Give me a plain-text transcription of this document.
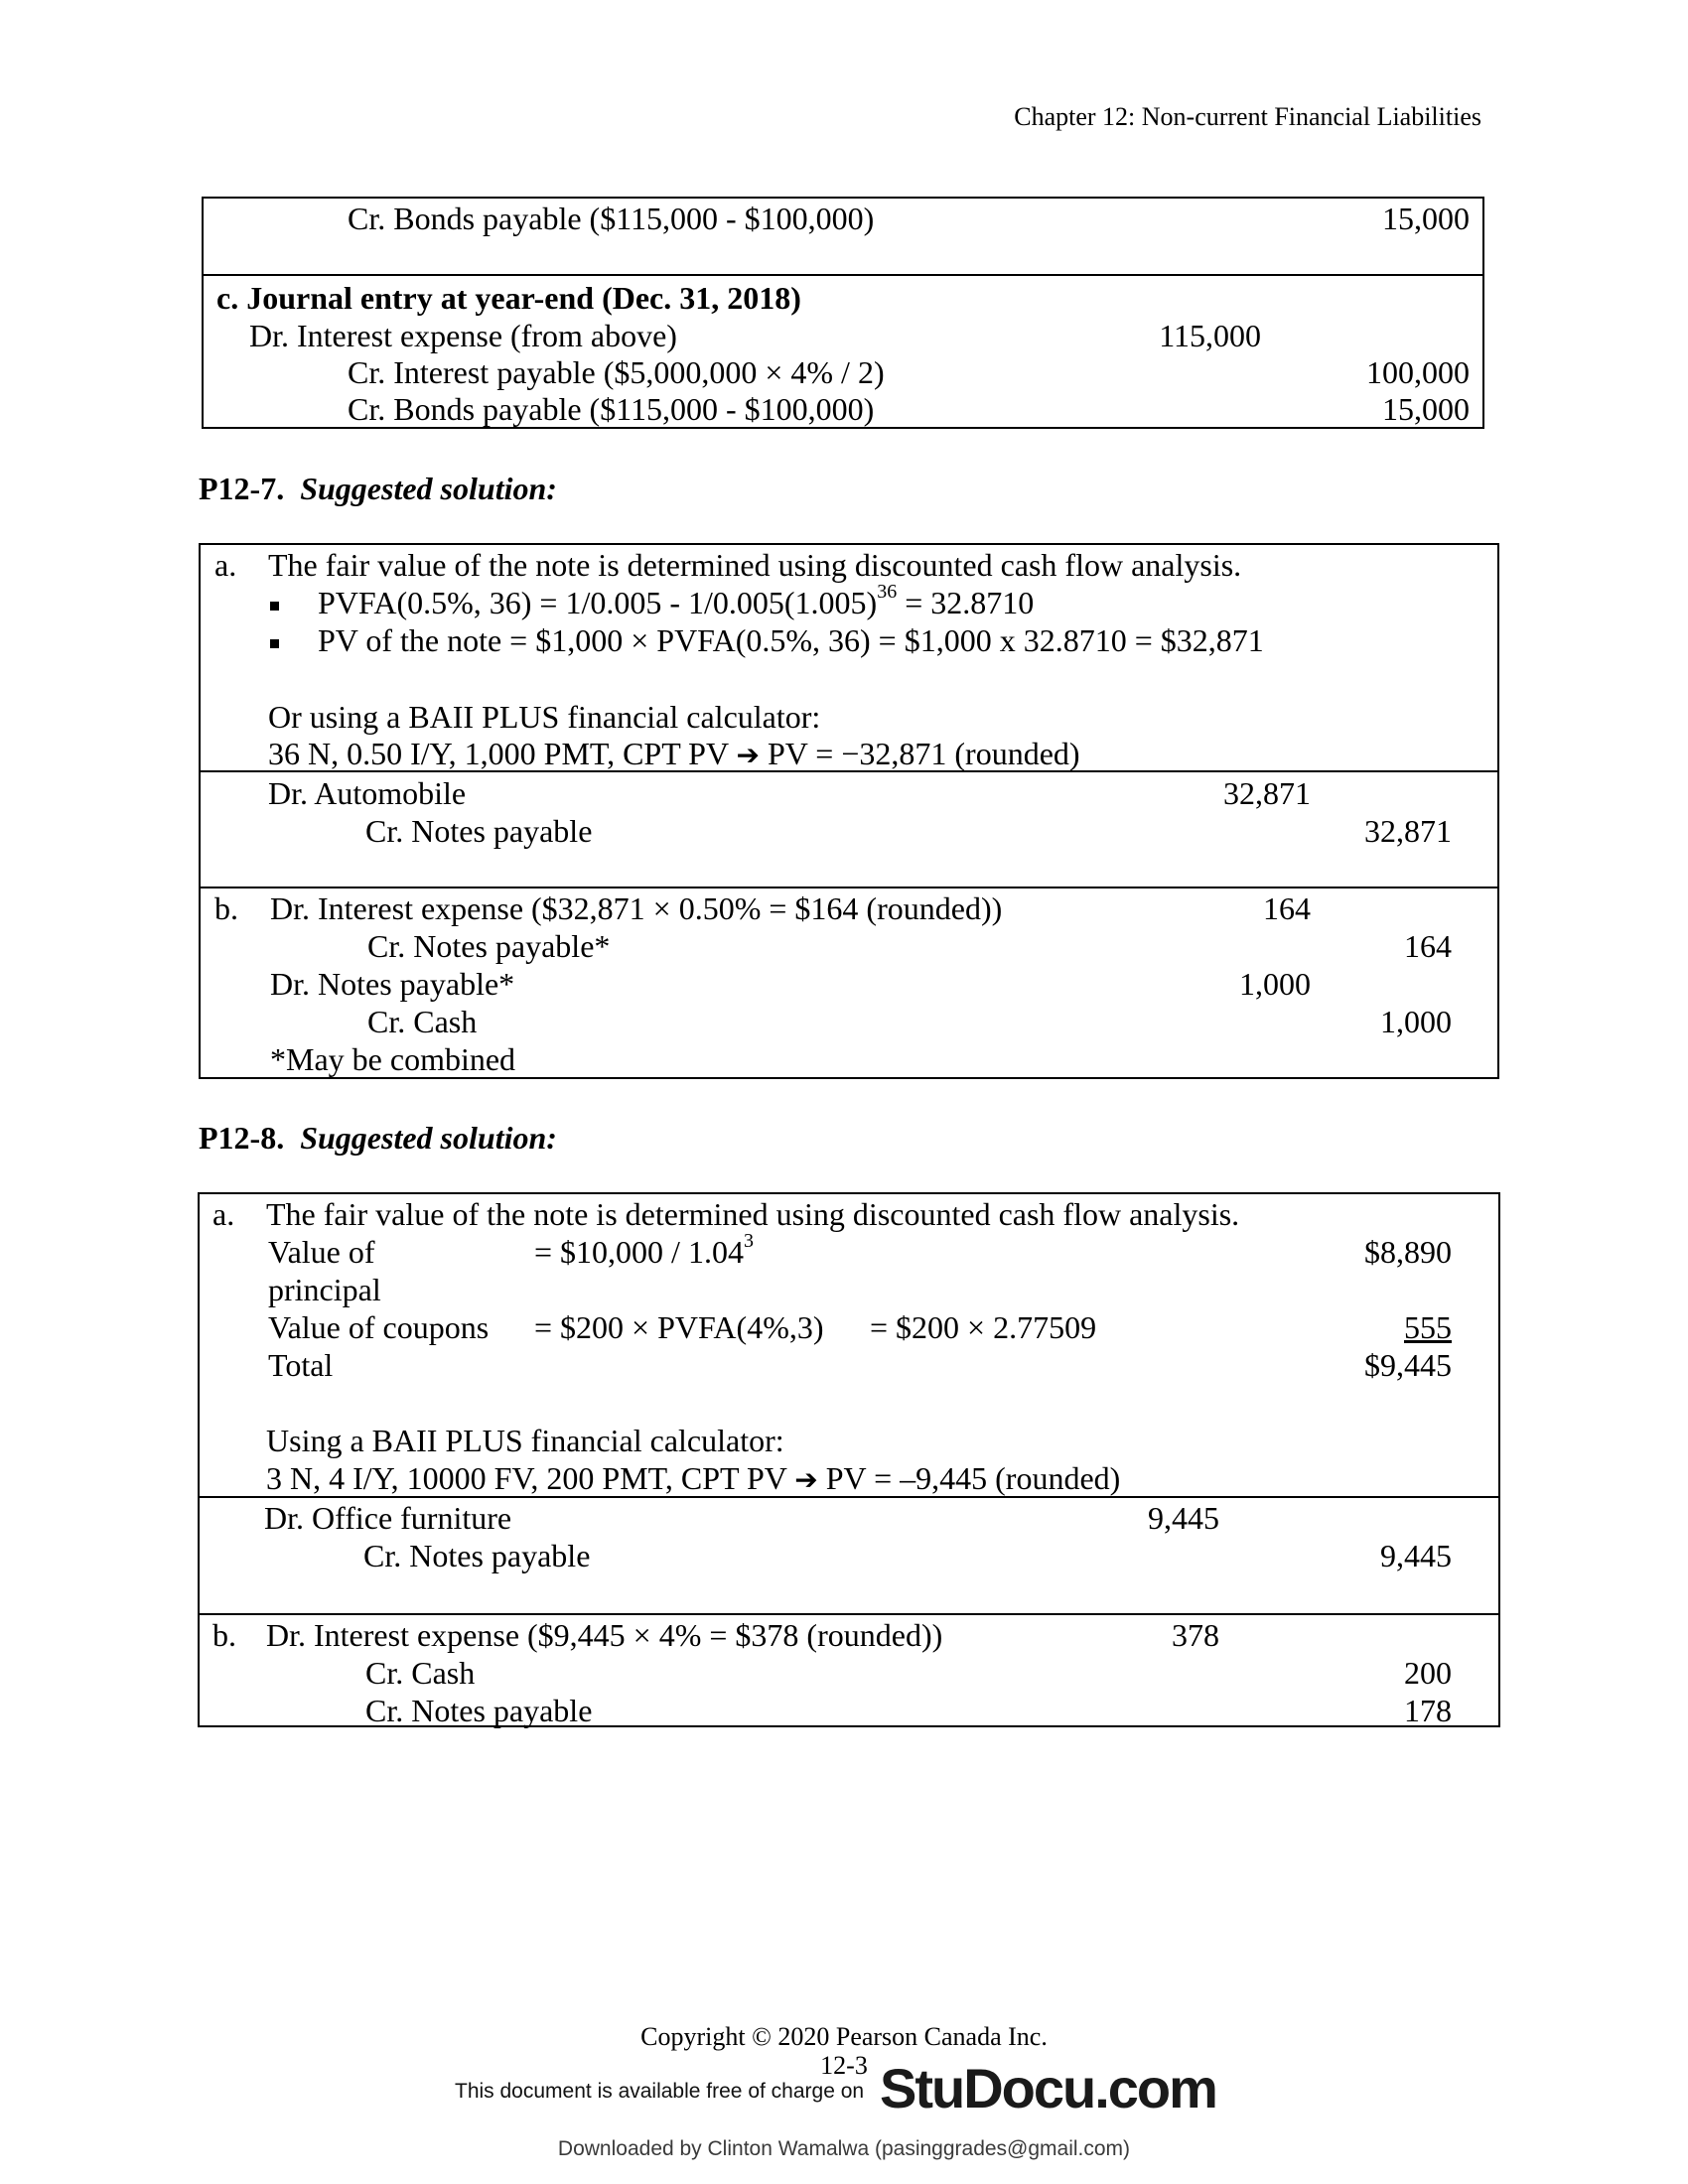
Chapter 12: Non-current Financial Liabilities
Cr. Bonds payable ($115,000 - $100,000)	15,000
c. Journal entry at year-end (Dec. 31, 2018)
Dr. Interest expense (from above)	115,000
Cr. Interest payable ($5,000,000 × 4% / 2)	100,000
Cr. Bonds payable ($115,000 - $100,000)	15,000
P12-7. Suggested solution:
a. The fair value of the note is determined using discounted cash flow analysis.
PVFA(0.5%, $36) = 1/0.005 - 1/0.005(1.005)^{36} = 32.8710$
PV of the note = $1,000 × PVFA(0.5%, 36) = $1,000 x 32.8710 = $32,871
Or using a BAII PLUS financial calculator:
36 N, 0.50 I/Y, 1,000 PMT, CPT PV ➔ PV = −32,871 (rounded)
Dr. Automobile	32,871
Cr. Notes payable	32,871
b. Dr. Interest expense ($32,871 × 0.50% = $164 (rounded))	164
Cr. Notes payable*	164
Dr. Notes payable*	1,000
Cr. Cash	1,000
*May be combined
P12-8. Suggested solution:
a. The fair value of the note is determined using discounted cash flow analysis.
Value of
principal
= $10,000 / 1.04$^3$	$8,890
Value of coupons = $200 × PVFA(4%,3) = $200 × 2.77509	555
Total	$9,445
Using a BAII PLUS financial calculator:
3 N, 4 I/Y, 10000 FV, 200 PMT, CPT PV ➔ PV = –9,445 (rounded)
Dr. Office furniture	9,445
Cr. Notes payable	9,445
b. Dr. Interest expense ($9,445 × 4% = $378 (rounded))	378
Cr. Cash	200
Cr. Notes payable	178
Copyright © 2020 Pearson Canada Inc.
12-3
This document is available free of charge on StuDocu.com
Downloaded by Clinton Wamalwa (pasinggrades@gmail.com)
